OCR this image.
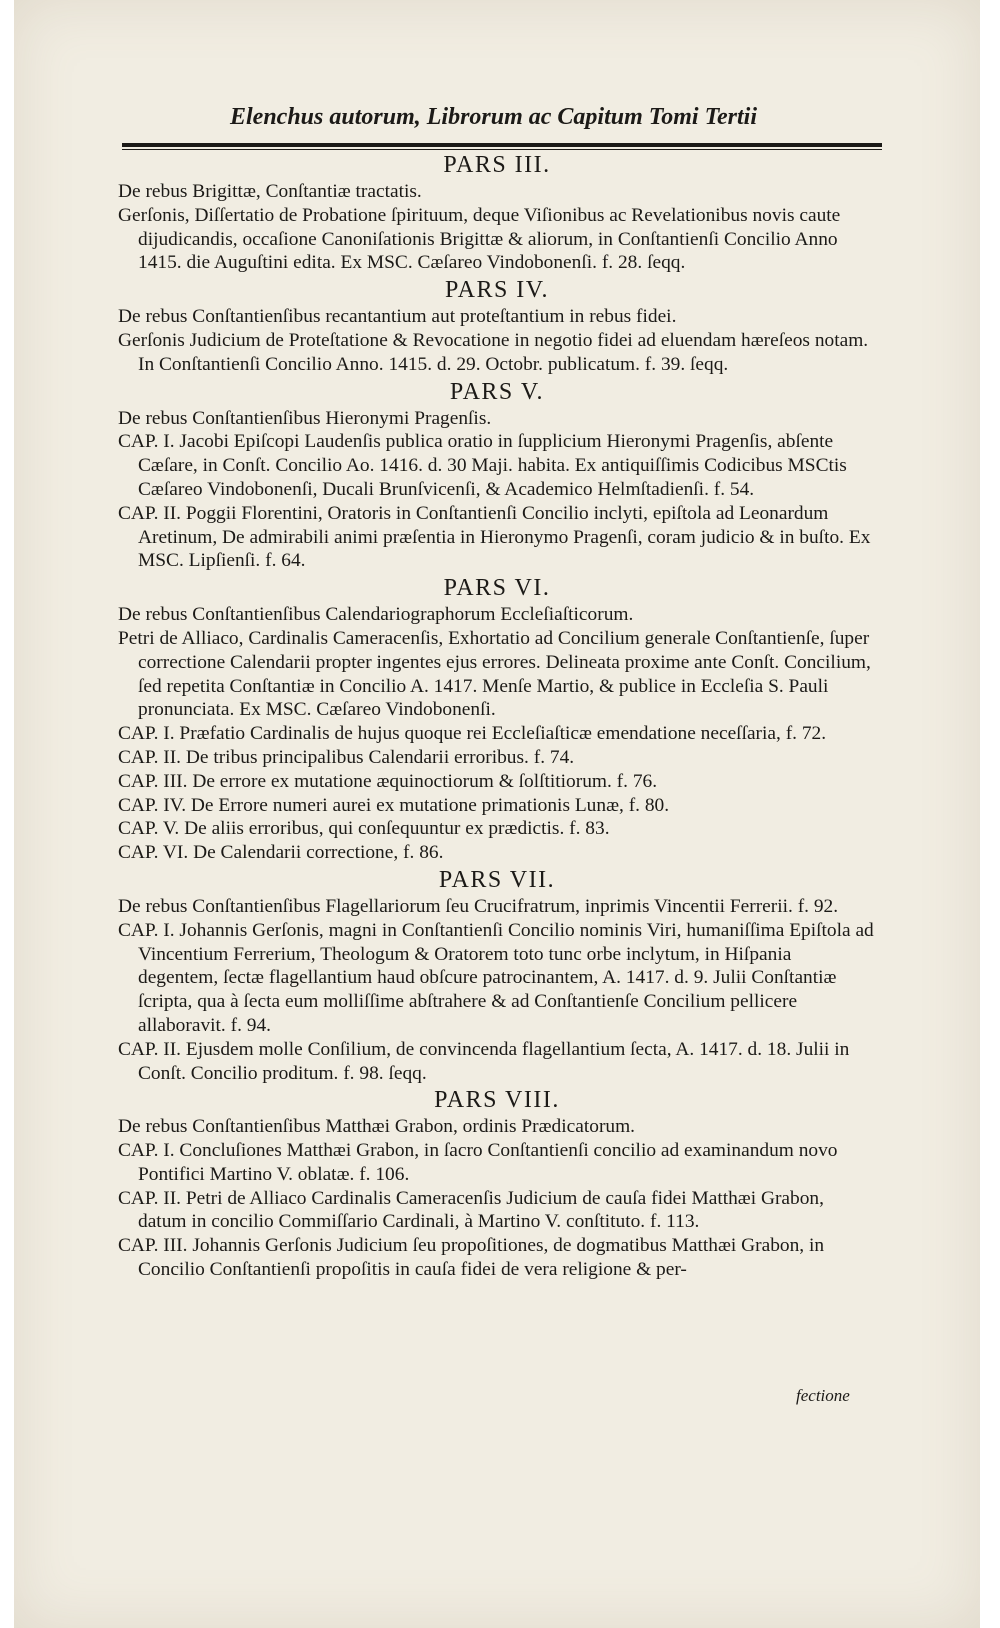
Elenchus autorum, Librorum ac Capitum Tomi Tertii

PARS III.

De rebus Brigittæ, Conſtantiæ tractatis.

Gerſonis, Diſſertatio de Probatione ſpirituum, deque Viſionibus ac Revelationibus novis caute dijudicandis, occaſione Canoniſationis Brigittæ & aliorum, in Conſtantienſi Concilio Anno 1415. die Auguſtini edita. Ex MSC. Cæſareo Vindobonenſi. f. 28. ſeqq.

PARS IV.

De rebus Conſtantienſibus recantantium aut proteſtantium in rebus fidei.

Gerſonis Judicium de Proteſtatione & Revocatione in negotio fidei ad eluendam hæreſeos notam. In Conſtantienſi Concilio Anno. 1415. d. 29. Octobr. publicatum. f. 39. ſeqq.

PARS V.

De rebus Conſtantienſibus Hieronymi Pragenſis.

CAP. I. Jacobi Epiſcopi Laudenſis publica oratio in ſupplicium Hieronymi Pragenſis, abſente Cæſare, in Conſt. Concilio Ao. 1416. d. 30 Maji. habita. Ex antiquiſſimis Codicibus MSCtis Cæſareo Vindobonenſi, Ducali Brunſvicenſi, & Academico Helmſtadienſi. f. 54.

CAP. II. Poggii Florentini, Oratoris in Conſtantienſi Concilio inclyti, epiſtola ad Leonardum Aretinum, De admirabili animi præſentia in Hieronymo Pragenſi, coram judicio & in buſto. Ex MSC. Lipſienſi. f. 64.

PARS VI.

De rebus Conſtantienſibus Calendariographorum Eccleſiaſticorum.

Petri de Alliaco, Cardinalis Cameracenſis, Exhortatio ad Concilium generale Conſtantienſe, ſuper correctione Calendarii propter ingentes ejus errores. Delineata proxime ante Conſt. Concilium, ſed repetita Conſtantiæ in Concilio A. 1417. Menſe Martio, & publice in Eccleſia S. Pauli pronunciata. Ex MSC. Cæſareo Vindobonenſi.

CAP. I. Præfatio Cardinalis de hujus quoque rei Eccleſiaſticæ emendatione neceſſaria, f. 72.

CAP. II. De tribus principalibus Calendarii erroribus. f. 74.

CAP. III. De errore ex mutatione æquinoctiorum & ſolſtitiorum. f. 76.

CAP. IV. De Errore numeri aurei ex mutatione primationis Lunæ, f. 80.

CAP. V. De aliis erroribus, qui conſequuntur ex prædictis. f. 83.

CAP. VI. De Calendarii correctione, f. 86.

PARS VII.

De rebus Conſtantienſibus Flagellariorum ſeu Crucifratrum, inprimis Vincentii Ferrerii. f. 92.

CAP. I. Johannis Gerſonis, magni in Conſtantienſi Concilio nominis Viri, humaniſſima Epiſtola ad Vincentium Ferrerium, Theologum & Oratorem toto tunc orbe inclytum, in Hiſpania degentem, ſectæ flagellantium haud obſcure patrocinantem, A. 1417. d. 9. Julii Conſtantiæ ſcripta, qua à ſecta eum molliſſime abſtrahere & ad Conſtantienſe Concilium pellicere allaboravit. f. 94.

CAP. II. Ejusdem molle Conſilium, de convincenda flagellantium ſecta, A. 1417. d. 18. Julii in Conſt. Concilio proditum. f. 98. ſeqq.

PARS VIII.

De rebus Conſtantienſibus Matthæi Grabon, ordinis Prædicatorum.

CAP. I. Concluſiones Matthæi Grabon, in ſacro Conſtantienſi concilio ad examinandum novo Pontifici Martino V. oblatæ. f. 106.

CAP. II. Petri de Alliaco Cardinalis Cameracenſis Judicium de cauſa fidei Matthæi Grabon, datum in concilio Commiſſario Cardinali, à Martino V. conſtituto. f. 113.

CAP. III. Johannis Gerſonis Judicium ſeu propoſitiones, de dogmatibus Matthæi Grabon, in Concilio Conſtantienſi propoſitis in cauſa fidei de vera religione & per-

fectione
